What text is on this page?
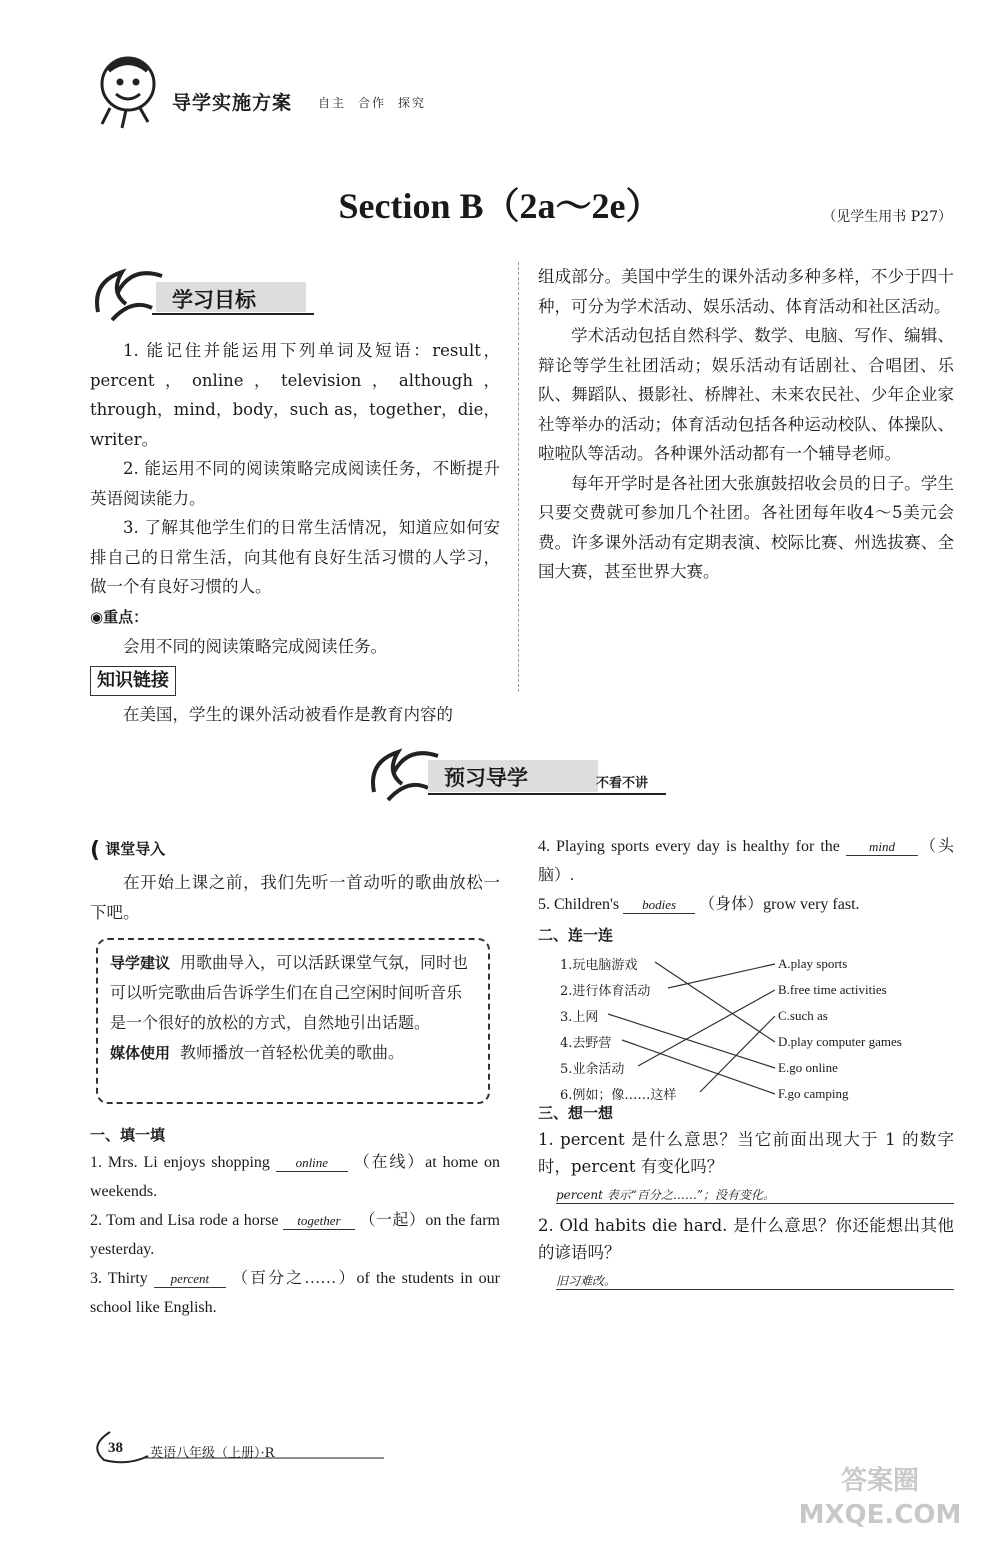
导学实施方案 自主 合作 探究
Section B（2a～2e）	（见学生用书 P27）
学习目标

1. 能记住并能运用下列单词及短语：result，percent，online，television，although，through，mind，body，such as，together，die，writer。

2. 能运用不同的阅读策略完成阅读任务，不断提升英语阅读能力。

3. 了解其他学生们的日常生活情况，知道应如何安排自己的日常生活，向其他有良好生活习惯的人学习，做一个有良好习惯的人。

◉重点：

会用不同的阅读策略完成阅读任务。

知识链接

在美国，学生的课外活动被看作是教育内容的

组成部分。美国中学生的课外活动多种多样，不少于四十种，可分为学术活动、娱乐活动、体育活动和社区活动。

学术活动包括自然科学、数学、电脑、写作、编辑、辩论等学生社团活动；娱乐活动有话剧社、合唱团、乐队、舞蹈队、摄影社、桥牌社、未来农民社、少年企业家社等举办的活动；体育活动包括各种运动校队、体操队、啦啦队等活动。各种课外活动都有一个辅导老师。

每年开学时是各社团大张旗鼓招收会员的日子。学生只要交费就可参加几个社团。各社团每年收4～5美元会费。许多课外活动有定期表演、校际比赛、州选拔赛、全国大赛，甚至世界大赛。

预习导学	不看不讲
( 课堂导入

在开始上课之前，我们先听一首动听的歌曲放松一下吧。

导学建议 用歌曲导入，可以活跃课堂气氛，同时也可以听完歌曲后告诉学生们在自己空闲时间听音乐是一个很好的放松的方式，自然地引出话题。
媒体使用 教师播放一首轻松优美的歌曲。
一、填一填

1. Mrs. Li enjoys shopping online （在线）at home on weekends.

2. Tom and Lisa rode a horse together （一起）on the farm yesterday.

3. Thirty percent （百分之……）of the students in our school like English.

4. Playing sports every day is healthy for the mind （头脑）.

5. Children's bodies （身体）grow very fast.

二、连一连
1.玩电脑游戏
2.进行体育活动
3.上网
4.去野营
5.业余活动
6.例如；像……这样
A.play sports
B.free time activities
C.such as
D.play computer games
E.go online
F.go camping
三、想一想

1. percent 是什么意思？当它前面出现大于 1 的数字时，percent 有变化吗？

percent 表示“百分之……”；没有变化。

2. Old habits die hard. 是什么意思？你还能想出其他的谚语吗？

旧习难改。
38 英语八年级（上册）·R
答案圈 MXQE.COM
